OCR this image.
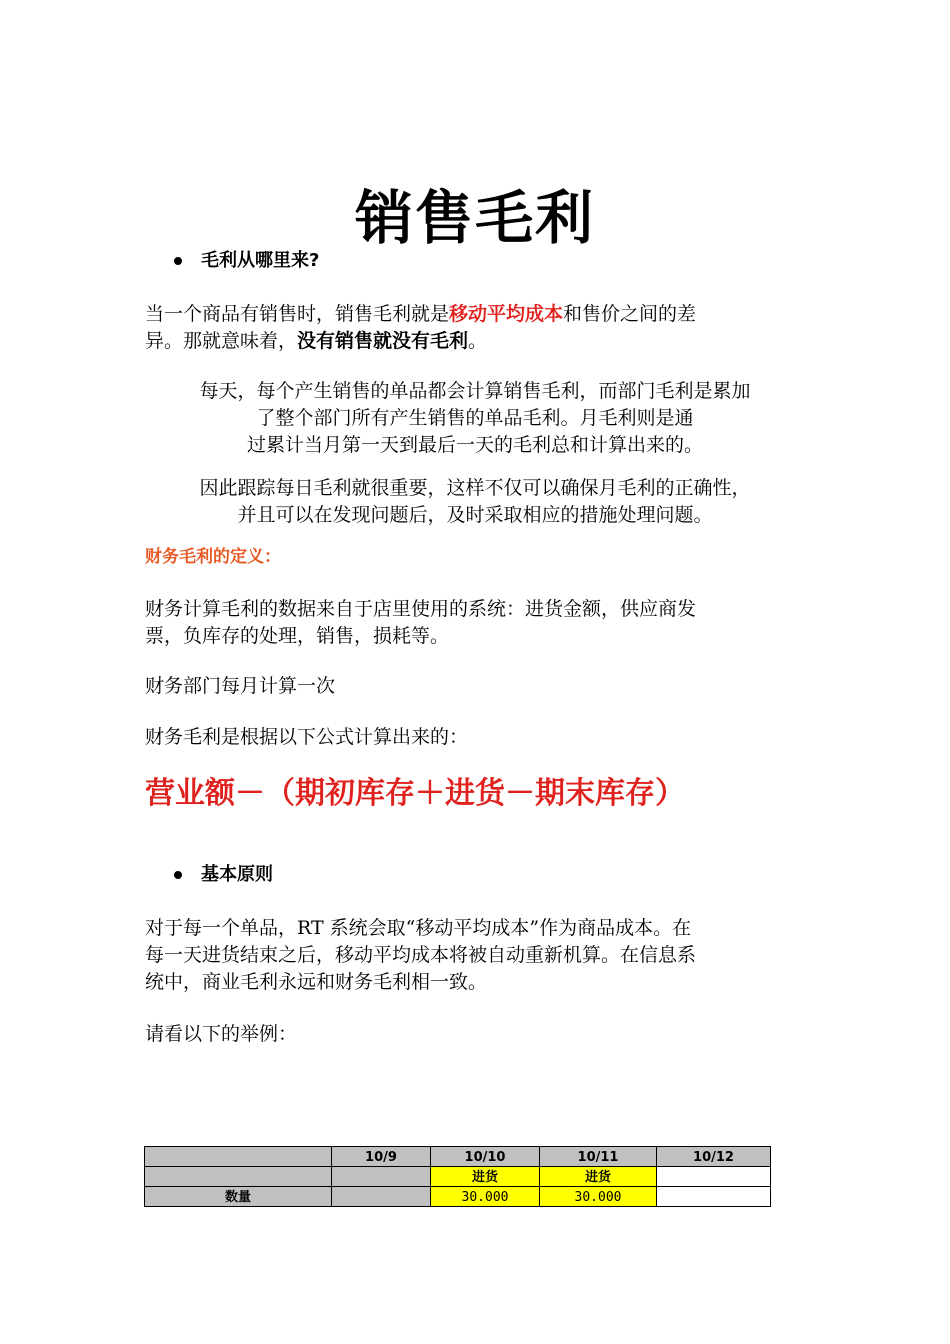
销售毛利
毛利从哪里来?

当一个商品有销售时，销售毛利就是移动平均成本和售价之间的差
异。那就意味着，没有销售就没有毛利。

每天，每个产生销售的单品都会计算销售毛利，而部门毛利是累加
了整个部门所有产生销售的单品毛利。月毛利则是通
过累计当月第一天到最后一天的毛利总和计算出来的。

因此跟踪每日毛利就很重要，这样不仅可以确保月毛利的正确性，
并且可以在发现问题后，及时采取相应的措施处理问题。

财务毛利的定义：

财务计算毛利的数据来自于店里使用的系统：进货金额，供应商发
票，负库存的处理，销售，损耗等。

财务部门每月计算一次

财务毛利是根据以下公式计算出来的：

营业额－（期初库存＋进货－期末库存）
基本原则

对于每一个单品，RT 系统会取“移动平均成本”作为商品成本。在
每一天进货结束之后，移动平均成本将被自动重新机算。在信息系
统中，商业毛利永远和财务毛利相一致。

请看以下的举例：

	10/9	10/10	10/11	10/12
		进货	进货	
数量		30.000	30.000	
